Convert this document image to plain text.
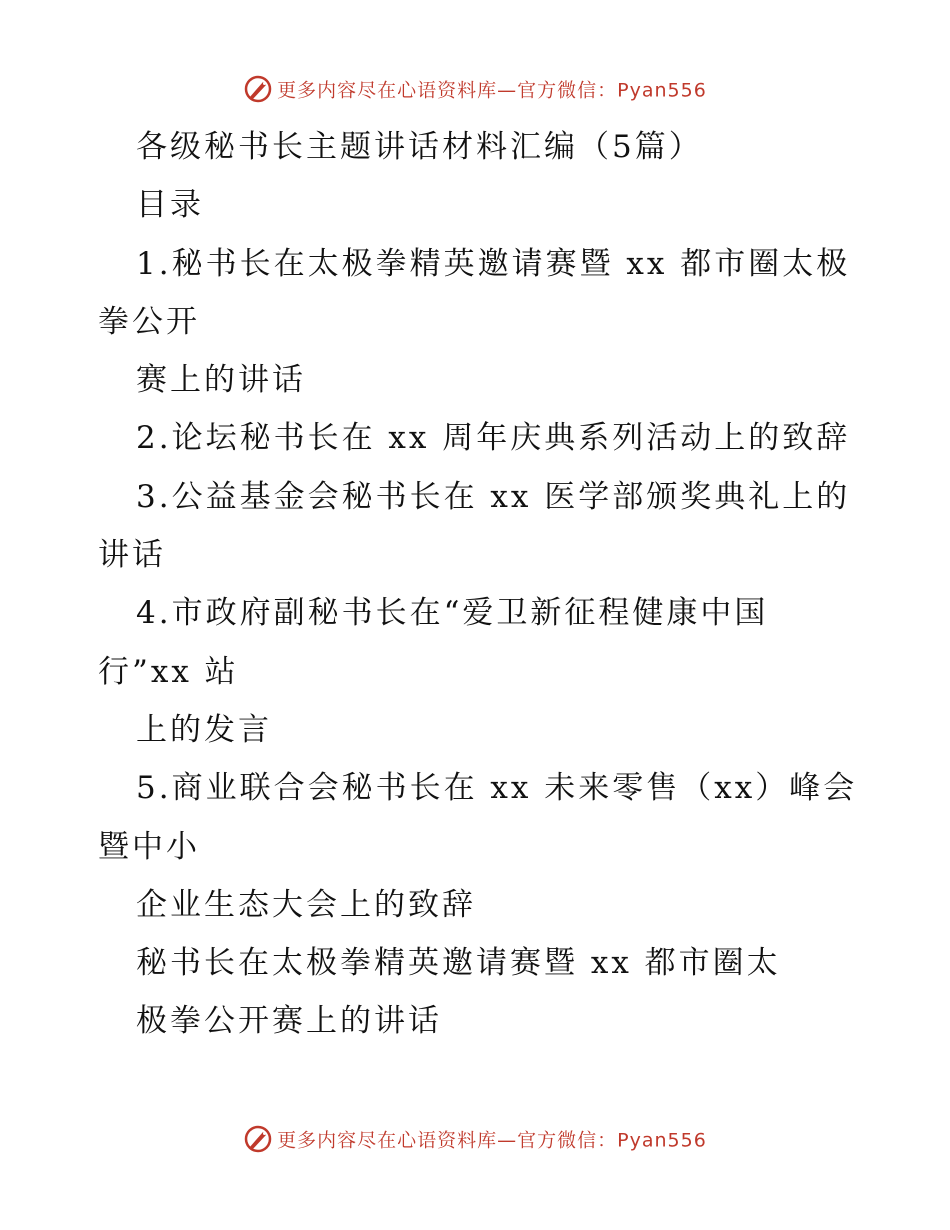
更多内容尽在心语资料库—官方微信：Pyan556
各级秘书长主题讲话材料汇编（5篇）
目录
1.秘书长在太极拳精英邀请赛暨 xx 都市圈太极
拳公开
赛上的讲话
2.论坛秘书长在 xx 周年庆典系列活动上的致辞
3.公益基金会秘书长在 xx 医学部颁奖典礼上的
讲话
4.市政府副秘书长在“爱卫新征程健康中国
行”xx 站
上的发言
5.商业联合会秘书长在 xx 未来零售（xx）峰会
暨中小
企业生态大会上的致辞
秘书长在太极拳精英邀请赛暨 xx 都市圈太
极拳公开赛上的讲话
更多内容尽在心语资料库—官方微信：Pyan556
